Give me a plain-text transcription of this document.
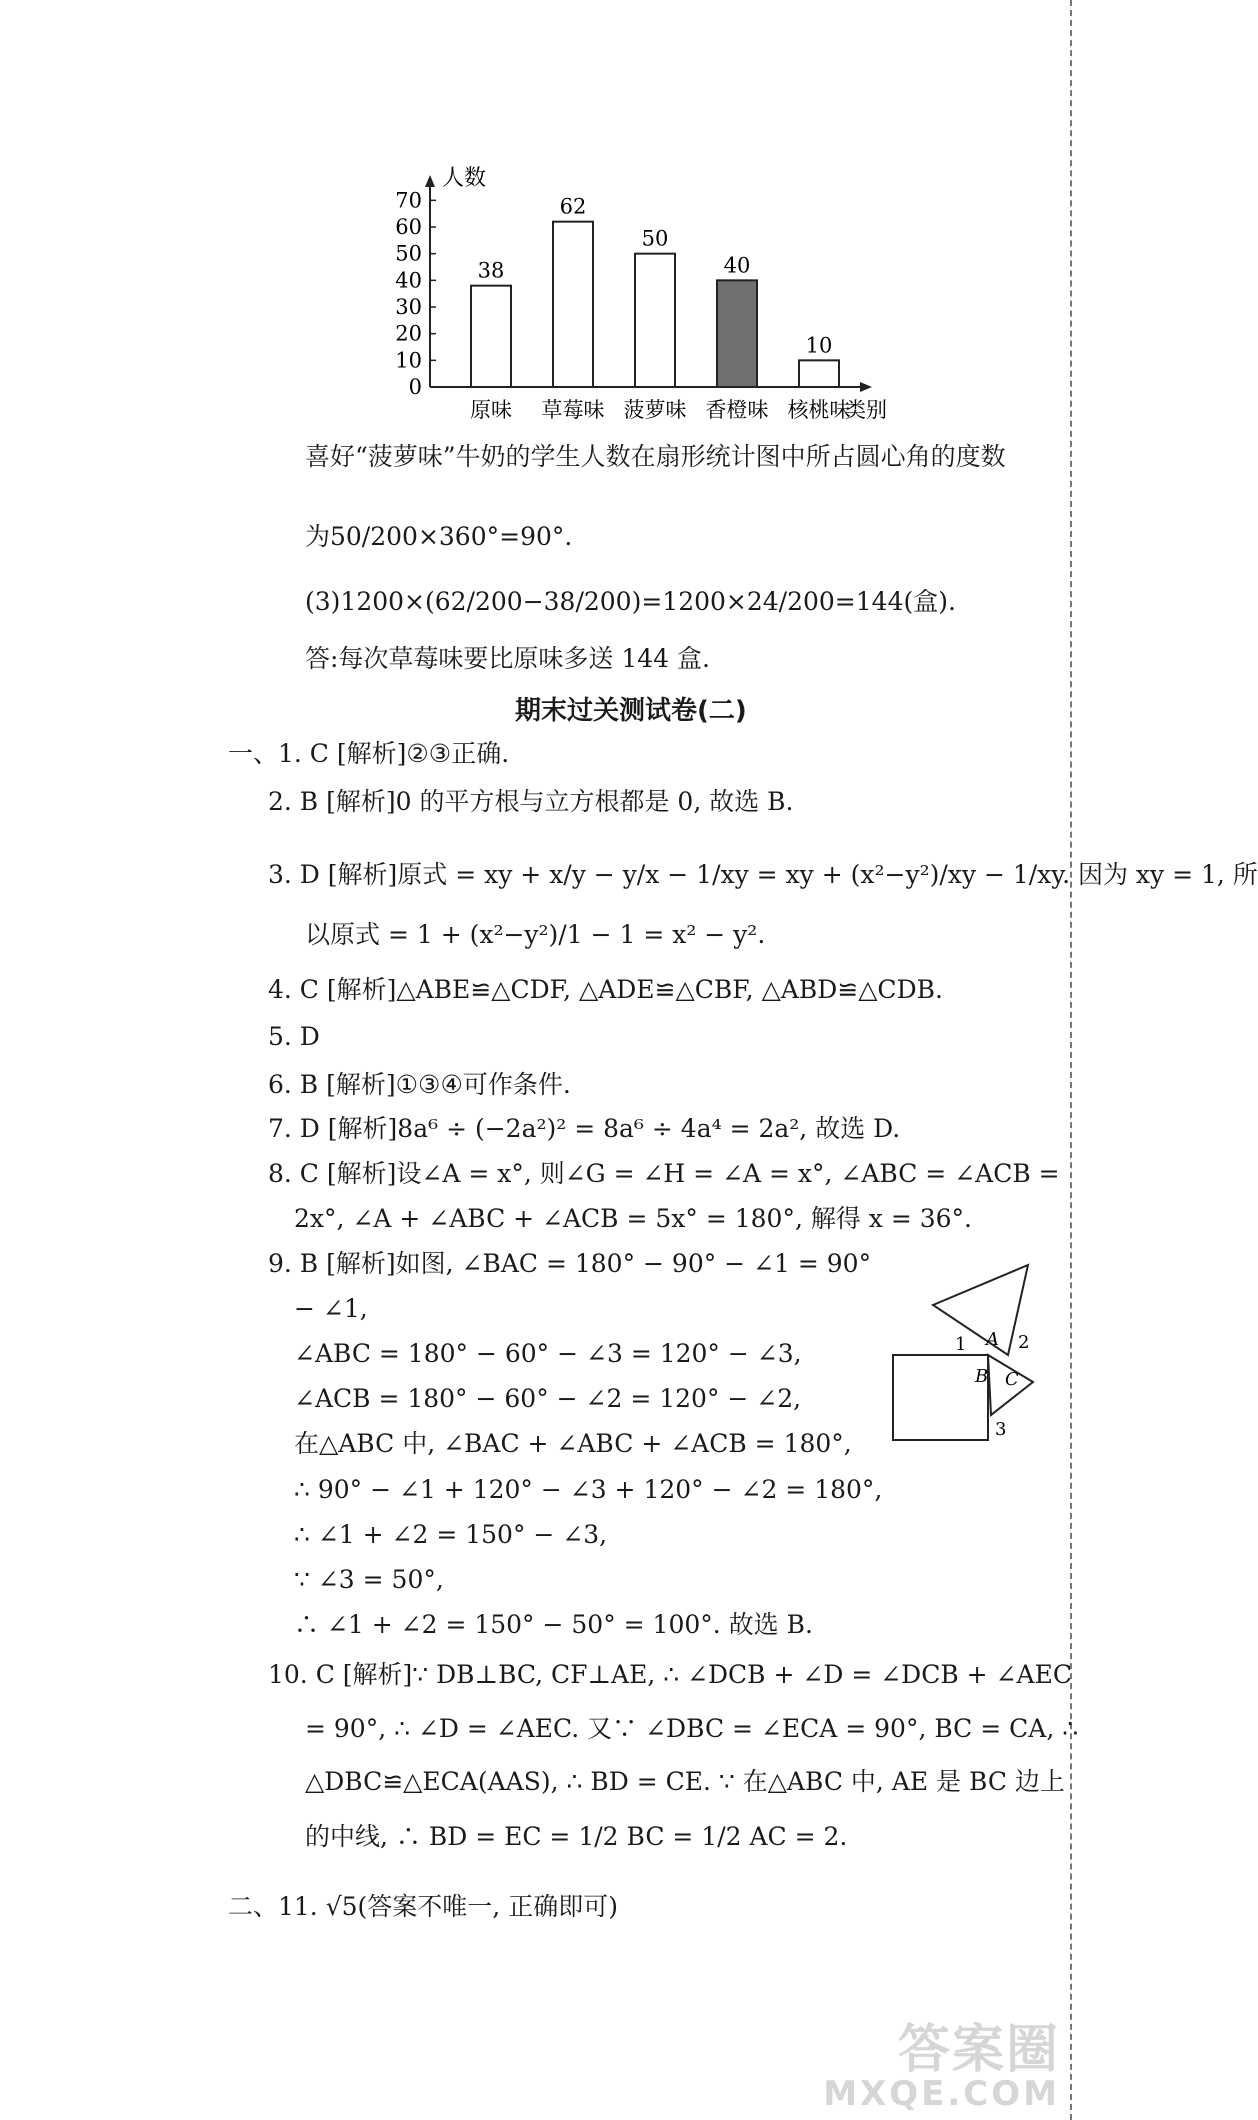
人数
类别
0
10
20
30
40
50
60
70
38
原味
62
草莓味
50
菠萝味
40
香橙味
10
核桃味
喜好“菠萝味”牛奶的学生人数在扇形统计图中所占圆心角的度数
为50/200×360°=90°.
(3)1200×(62/200−38/200)=1200×24/200=144(盒).
答:每次草莓味要比原味多送 144 盒.
期末过关测试卷(二)
一、1. C [解析]②③正确.
2. B [解析]0 的平方根与立方根都是 0, 故选 B.
3. D [解析]原式 = xy + x/y − y/x − 1/xy = xy + (x²−y²)/xy − 1/xy. 因为 xy = 1, 所
以原式 = 1 + (x²−y²)/1 − 1 = x² − y².
4. C [解析]△ABE≌△CDF, △ADE≌△CBF, △ABD≌△CDB.
5. D
6. B [解析]①③④可作条件.
7. D [解析]8a⁶ ÷ (−2a²)² = 8a⁶ ÷ 4a⁴ = 2a², 故选 D.
8. C [解析]设∠A = x°, 则∠G = ∠H = ∠A = x°, ∠ABC = ∠ACB =
2x°, ∠A + ∠ABC + ∠ACB = 5x° = 180°, 解得 x = 36°.
9. B [解析]如图, ∠BAC = 180° − 90° − ∠1 = 90°
− ∠1,
∠ABC = 180° − 60° − ∠3 = 120° − ∠3,
∠ACB = 180° − 60° − ∠2 = 120° − ∠2,
在△ABC 中, ∠BAC + ∠ABC + ∠ACB = 180°,
∴ 90° − ∠1 + 120° − ∠3 + 120° − ∠2 = 180°,
∴ ∠1 + ∠2 = 150° − ∠3,
∵ ∠3 = 50°,
∴ ∠1 + ∠2 = 150° − 50° = 100°. 故选 B.
10. C [解析]∵ DB⊥BC, CF⊥AE, ∴ ∠DCB + ∠D = ∠DCB + ∠AEC
= 90°, ∴ ∠D = ∠AEC. 又∵ ∠DBC = ∠ECA = 90°, BC = CA, ∴
△DBC≌△ECA(AAS), ∴ BD = CE. ∵ 在△ABC 中, AE 是 BC 边上
的中线, ∴ BD = EC = 1/2 BC = 1/2 AC = 2.
二、11. √5(答案不唯一, 正确即可)
1 A 2
B C
3
答案圈
MXQE.COM
